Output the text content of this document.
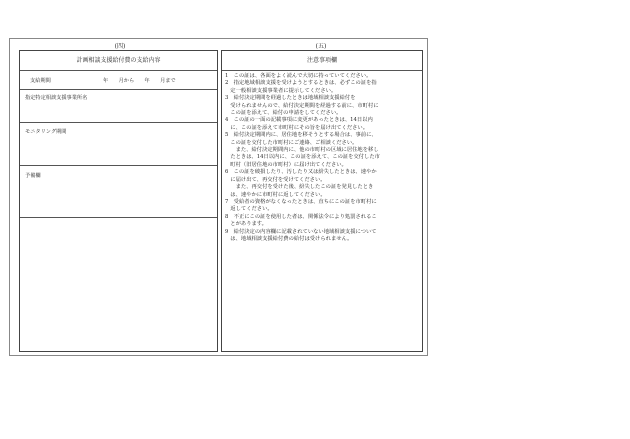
(四)
計画相談支援給付費の支給内容
支給期間	年　　月から　　年　　月まで
指定特定相談支援事業所名
モニタリング期間
予備欄
(五)
注意事項欄
1　この証は、各面をよく読んで大切に持っていてください。
2　指定地域相談支援を受けようとするときは、必ずこの証を指
　定一般相談支援事業者に提示してください。
3　給付決定期間を経過したときは地域相談支援給付を
　受けられませんので、給付決定期間を経過する前に、市町村に
　この証を添えて、給付の申請をしてください。
4　この証の一面の記載事項に変更があったときは、14日以内
　に、この証を添えて市町村にその旨を届け出てください。
5　給付決定期間内に、居住地を移そうとする場合は、事前に、
　この証を交付した市町村にご連絡、ご相談ください。
　　また、給付決定期間内に、他の市町村の区域に居住地を移し
　たときは、14日以内に、この証を添えて、この証を交付した市
　町村（旧居住地の市町村）に届け出てください。
6　この証を破損したり、汚したり又は紛失したときは、速やか
　に届け出て、再交付を受けてください。
　　また、再交付を受けた後、紛失したこの証を発見したとき
　は、速やかに市町村に返してください。
7　受給者の資格がなくなったときは、直ちにこの証を市町村に
　返してください。
8　不正にこの証を使用した者は、関係法令により処罰されるこ
　とがあります。
9　給付決定の内容欄に記載されていない地域相談支援について
　は、地域相談支援給付費の給付は受けられません。
